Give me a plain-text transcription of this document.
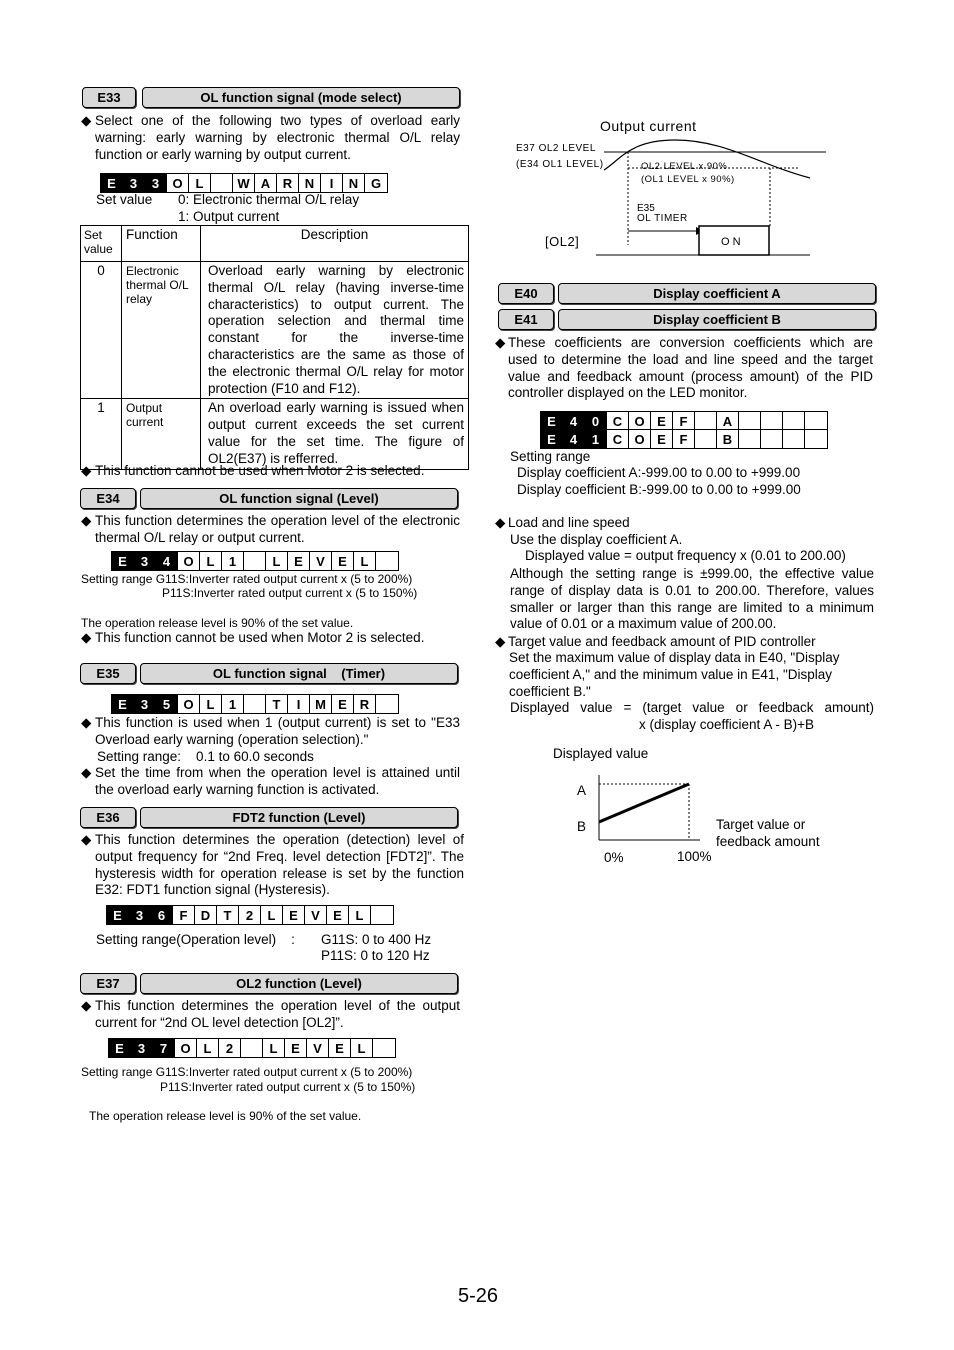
E33	OL function signal (mode select)
◆ Select one of the following two types of overload early warning: early warning by electronic thermal O/L relay function or early warning by output current.
E	3	3	O L	W A R N	I	N G
Set value 0: Electronic thermal O/L relay
1: Output current
Set value	Function	Description
0	Electronic thermal O/L relay	Overload early warning by electronic thermal O/L relay (having inverse-time characteristics) to output current. The operation selection and thermal time constant for the inverse-time characteristics are the same as those of the electronic thermal O/L relay for motor protection (F10 and F12).
1	Output current	An overload early warning is issued when output current exceeds the set current value for the set time. The figure of OL2(E37) is refferred.
◆ This function cannot be used when Motor 2 is selected.
E34	OL function signal (Level)
◆ This function determines the operation level of the electronic thermal O/L relay or output current.
E	3	4	O L	1	L	E	V	E	L
Setting range G11S:Inverter rated output current x (5 to 200%)
P11S:Inverter rated output current x (5 to 150%)
The operation release level is 90% of the set value.
◆ This function cannot be used when Motor 2 is selected.
E35	OL function signal    (Timer)
E	3	5	O L	1	T	I	M E R
◆ This function is used when 1 (output current) is set to "E33 Overload early warning (operation selection)."
Setting range:    0.1 to 60.0 seconds
◆ Set the time from when the operation level is attained until the overload early warning function is activated.
E36	FDT2 function (Level)
◆ This function determines the operation (detection) level of output frequency for “2nd Freq. level detection [FDT2]”. The hysteresis width for operation release is set by the function E32: FDT1 function signal (Hysteresis).
E	3	6	F	D	T	2	L	E	V	E	L
Setting range(Operation level)    : G11S: 0 to 400 Hz
P11S: 0 to 120 Hz
E37	OL2 function (Level)
◆ This function determines the operation level of the output current for “2nd OL level detection [OL2]”.
E	3	7	O L	2	L	E	V	E	L
Setting range G11S:Inverter rated output current x (5 to 200%)
P11S:Inverter rated output current x (5 to 150%)
The operation release level is 90% of the set value.
Output current
E37 OL2 LEVEL
(E34 OL1 LEVEL)	OL2 LEVEL x 90%
(OL1 LEVEL x 90%)
E35
OL TIMER
[OL2]	O N
E40	Display coefficient A
E41	Display coefficient B
◆ These coefficients are conversion coefficients which are used to determine the load and line speed and the target value and feedback amount (process amount) of the PID controller displayed on the LED monitor.
E	4	0	C O E	F	A
E	4	1	C O E	F	B
Setting range
Display coefficient A:-999.00 to 0.00 to +999.00
Display coefficient B:-999.00 to 0.00 to +999.00
◆ Load and line speed
Use the display coefficient A.
Displayed value = output frequency x (0.01 to 200.00)
Although the setting range is ±999.00, the effective value range of display data is 0.01 to 200.00. Therefore, values smaller or larger than this range are limited to a minimum value of 0.01 or a maximum value of 200.00.
◆ Target value and feedback amount of PID controller
Set the maximum value of display data in E40, "Display coefficient A," and the minimum value in E41, "Display coefficient B."
Displayed value = (target value or feedback amount)
x (display coefficient A - B)+B
Displayed value
A
B
0%	100%
Target value or
feedback amount
5-26
